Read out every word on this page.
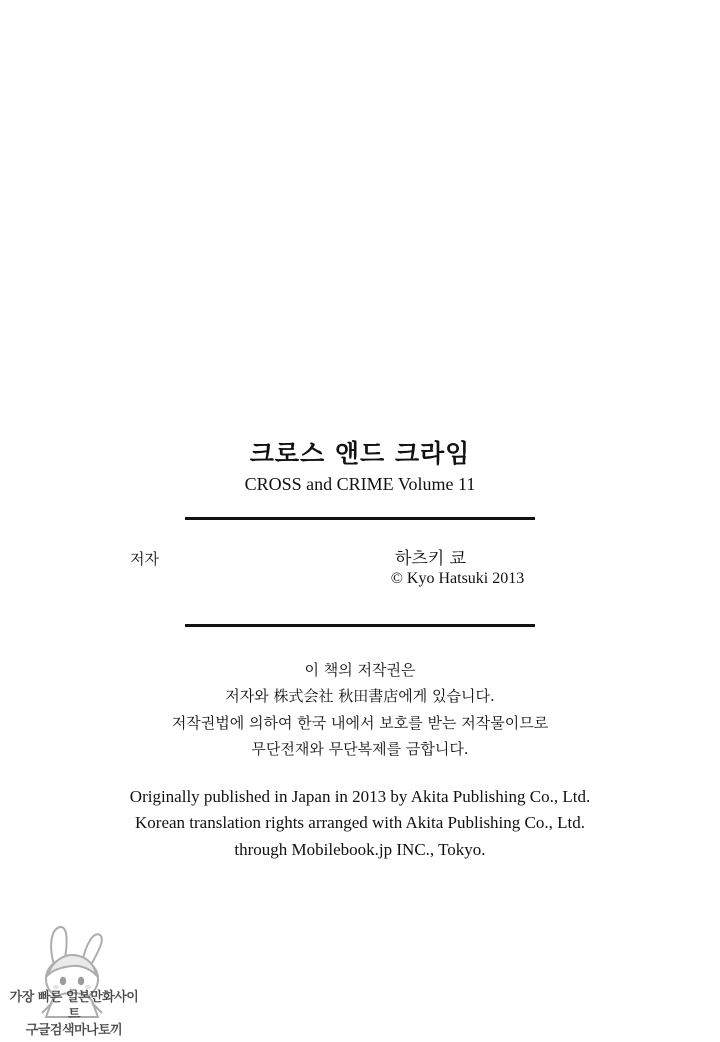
크로스 앤드 크라임
CROSS and CRIME Volume 11
저자	하츠키 쿄
© Kyo Hatsuki 2013
이 책의 저작권은
저자와 株式会社 秋田書店에게 있습니다.
저작권법에 의하여 한국 내에서 보호를 받는 저작물이므로
무단전재와 무단복제를 금합니다.
Originally published in Japan in 2013 by Akita Publishing Co., Ltd.
Korean translation rights arranged with Akita Publishing Co., Ltd.
through Mobilebook.jp INC., Tokyo.
가장 빠른 일본만화사이트
구글검색마나토끼
